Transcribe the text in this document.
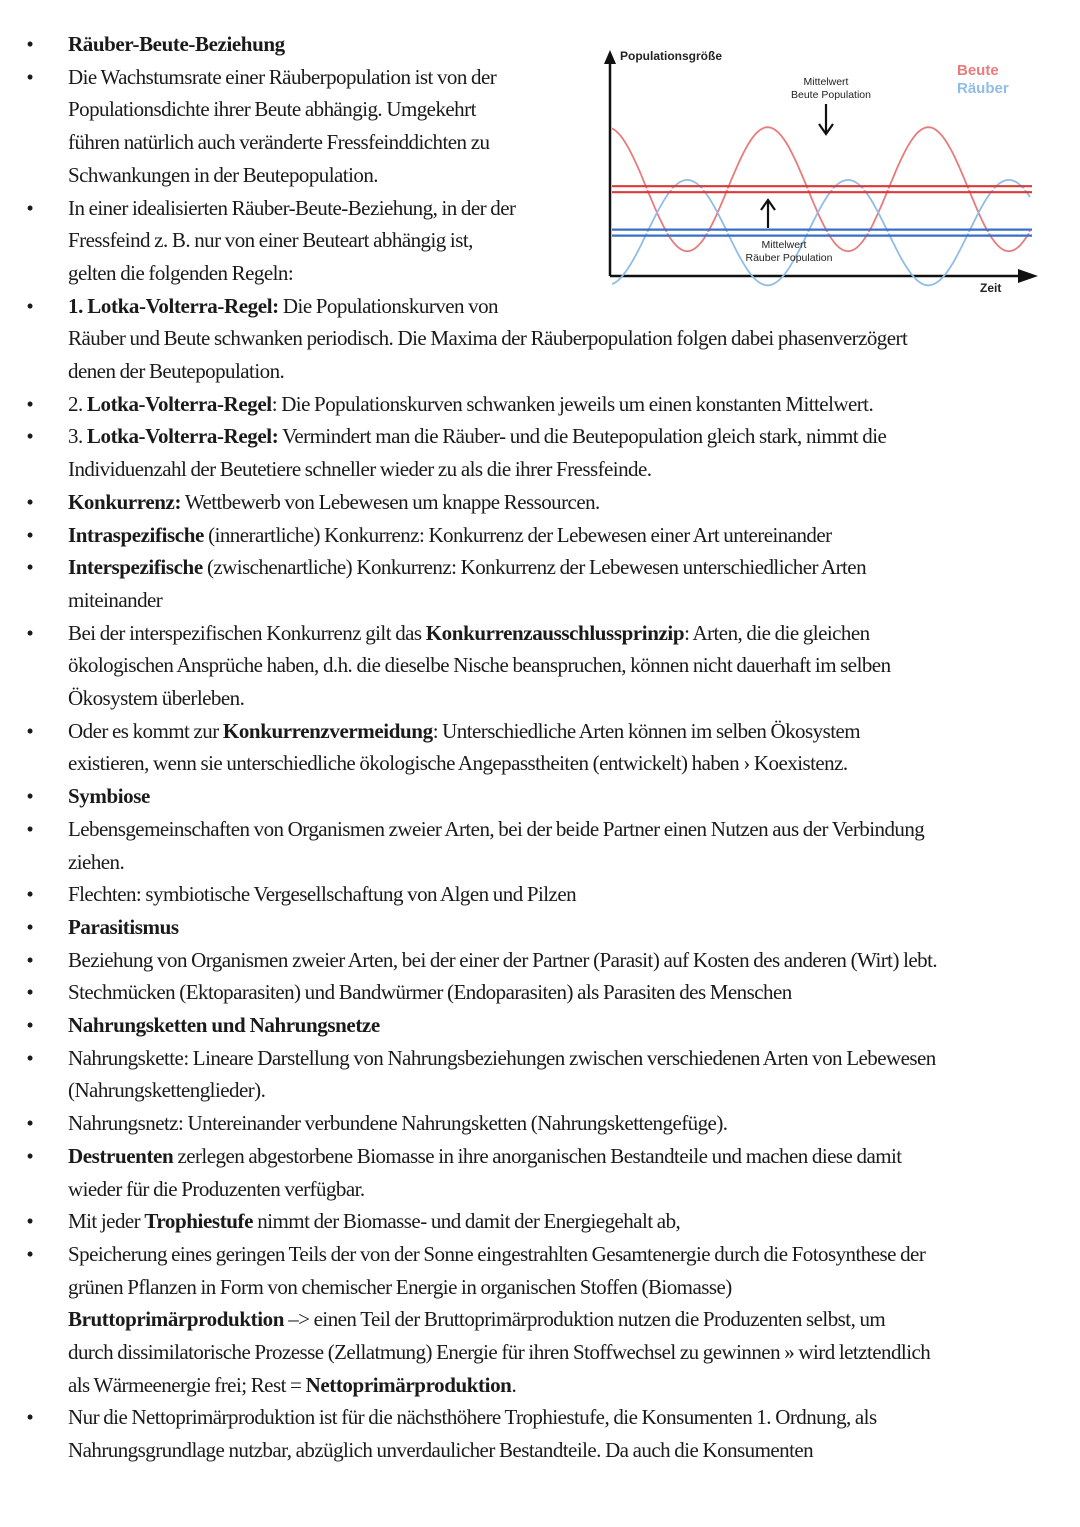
Räuber-Beute-Beziehung
Die Wachstumsrate einer Räuberpopulation ist von der
Populationsdichte ihrer Beute abhängig. Umgekehrt
führen natürlich auch veränderte Fressfeinddichten zu
Schwankungen in der Beutepopulation.
In einer idealisierten Räuber-Beute-Beziehung, in der der
Fressfeind z. B. nur von einer Beuteart abhängig ist,
gelten die folgenden Regeln:
1. Lotka-Volterra-Regel: Die Populationskurven von
Räuber und Beute schwanken periodisch. Die Maxima der Räuberpopulation folgen dabei phasenverzögert
denen der Beutepopulation.
2. Lotka-Volterra-Regel: Die Populationskurven schwanken jeweils um einen konstanten Mittelwert.
3. Lotka-Volterra-Regel: Vermindert man die Räuber- und die Beutepopulation gleich stark, nimmt die
Individuenzahl der Beutetiere schneller wieder zu als die ihrer Fressfeinde.
Konkurrenz: Wettbewerb von Lebewesen um knappe Ressourcen.
Intraspezifische (innerartliche) Konkurrenz: Konkurrenz der Lebewesen einer Art untereinander
Interspezifische (zwischenartliche) Konkurrenz: Konkurrenz der Lebewesen unterschiedlicher Arten
miteinander
Bei der interspezifischen Konkurrenz gilt das Konkurrenzausschlussprinzip: Arten, die die gleichen
ökologischen Ansprüche haben, d.h. die dieselbe Nische beanspruchen, können nicht dauerhaft im selben
Ökosystem überleben.
Oder es kommt zur Konkurrenzvermeidung: Unterschiedliche Arten können im selben Ökosystem
existieren, wenn sie unterschiedliche ökologische Angepasstheiten (entwickelt) haben › Koexistenz.
Symbiose
Lebensgemeinschaften von Organismen zweier Arten, bei der beide Partner einen Nutzen aus der Verbindung
ziehen.
Flechten: symbiotische Vergesellschaftung von Algen und Pilzen
Parasitismus
Beziehung von Organismen zweier Arten, bei der einer der Partner (Parasit) auf Kosten des anderen (Wirt) lebt.
Stechmücken (Ektoparasiten) und Bandwürmer (Endoparasiten) als Parasiten des Menschen
Nahrungsketten und Nahrungsnetze
Nahrungskette: Lineare Darstellung von Nahrungsbeziehungen zwischen verschiedenen Arten von Lebewesen
(Nahrungskettenglieder).
Nahrungsnetz: Untereinander verbundene Nahrungsketten (Nahrungskettengefüge).
Destruenten zerlegen abgestorbene Biomasse in ihre anorganischen Bestandteile und machen diese damit
wieder für die Produzenten verfügbar.
Mit jeder Trophiestufe nimmt der Biomasse- und damit der Energiegehalt ab,
Speicherung eines geringen Teils der von der Sonne eingestrahlten Gesamtenergie durch die Fotosynthese der
grünen Pflanzen in Form von chemischer Energie in organischen Stoffen (Biomasse)
Bruttoprimärproduktion –> einen Teil der Bruttoprimärproduktion nutzen die Produzenten selbst, um
durch dissimilatorische Prozesse (Zellatmung) Energie für ihren Stoffwechsel zu gewinnen » wird letztendlich
als Wärmeenergie frei; Rest = Nettoprimärproduktion.
Nur die Nettoprimärproduktion ist für die nächsthöhere Trophiestufe, die Konsumenten 1. Ordnung, als
Nahrungsgrundlage nutzbar, abzüglich unverdaulicher Bestandteile. Da auch die Konsumenten
•
•
•
•
•
•
•
•
•
•
•
•
•
•
•
•
•
•
•
•
•
•
•
•
Populationsgröße
Zeit
Beute
Räuber
Mittelwert
Beute Population
Mittelwert
Räuber Population
